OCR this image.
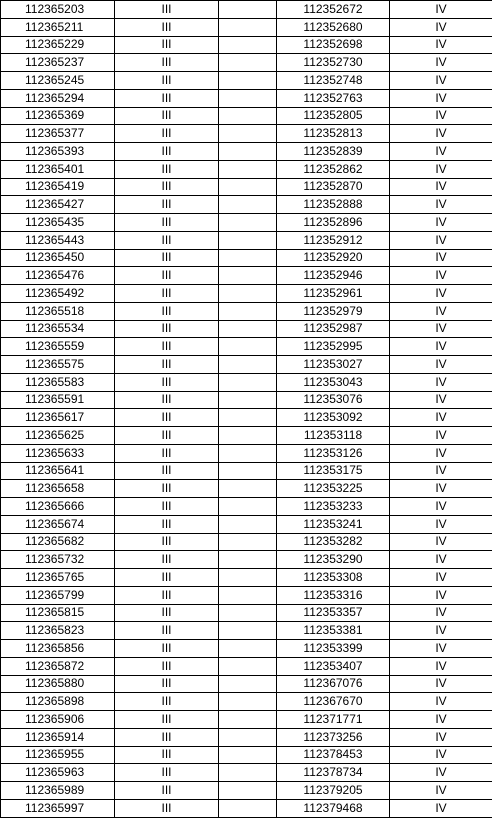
112365203	III		112352672	IV
112365211	III		112352680	IV
112365229	III		112352698	IV
112365237	III		112352730	IV
112365245	III		112352748	IV
112365294	III		112352763	IV
112365369	III		112352805	IV
112365377	III		112352813	IV
112365393	III		112352839	IV
112365401	III		112352862	IV
112365419	III		112352870	IV
112365427	III		112352888	IV
112365435	III		112352896	IV
112365443	III		112352912	IV
112365450	III		112352920	IV
112365476	III		112352946	IV
112365492	III		112352961	IV
112365518	III		112352979	IV
112365534	III		112352987	IV
112365559	III		112352995	IV
112365575	III		112353027	IV
112365583	III		112353043	IV
112365591	III		112353076	IV
112365617	III		112353092	IV
112365625	III		112353118	IV
112365633	III		112353126	IV
112365641	III		112353175	IV
112365658	III		112353225	IV
112365666	III		112353233	IV
112365674	III		112353241	IV
112365682	III		112353282	IV
112365732	III		112353290	IV
112365765	III		112353308	IV
112365799	III		112353316	IV
112365815	III		112353357	IV
112365823	III		112353381	IV
112365856	III		112353399	IV
112365872	III		112353407	IV
112365880	III		112367076	IV
112365898	III		112367670	IV
112365906	III		112371771	IV
112365914	III		112373256	IV
112365955	III		112378453	IV
112365963	III		112378734	IV
112365989	III		112379205	IV
112365997	III		112379468	IV
